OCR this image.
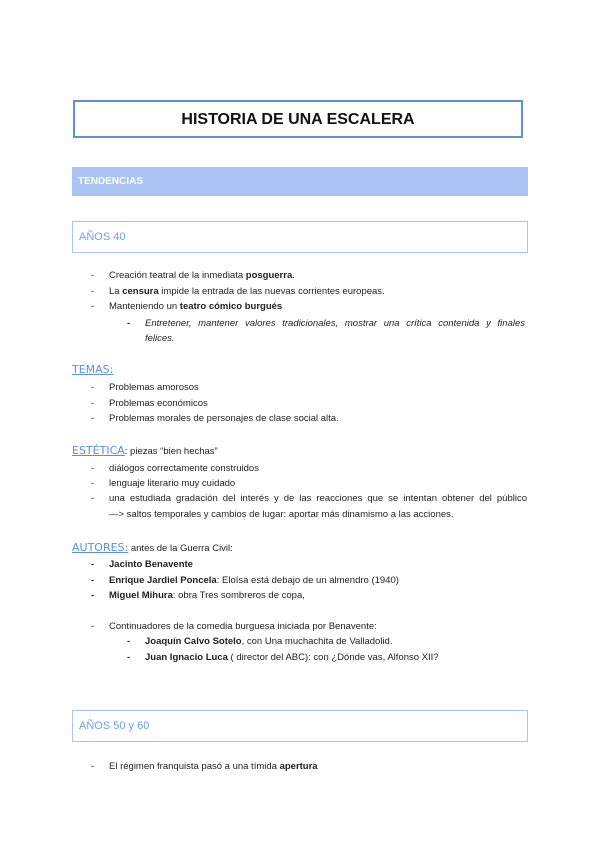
HISTORIA DE UNA ESCALERA
TENDENCIAS
AÑOS 40
- Creación teatral de la inmediata posguerra.
- La censura impide la entrada de las nuevas corrientes europeas.
- Manteniendo un teatro cómico burgués
- Entretener, mantener valores tradicionales, mostrar una crítica contenida y finales
felices.
TEMAS:
- Problemas amorosos
- Problemas económicos
- Problemas morales de personajes de clase social alta.
ESTÉTICA: piezas “bien hechas”
- diálogos correctamente construidos
- lenguaje literario muy cuidado
- una estudiada gradación del interés y de las reacciones que se intentan obtener del público
—> saltos temporales y cambios de lugar: aportar más dinamismo a las acciones.
AUTORES: antes de la Guerra Civil:
- Jacinto Benavente
- Enrique Jardiel Poncela: Eloísa está debajo de un almendro (1940)
- Miguel Mihura: obra Tres sombreros de copa,
- Continuadores de la comedia burguesa iniciada por Benavente:
- Joaquín Calvo Sotelo, con Una muchachita de Valladolid.
- Juan Ignacio Luca ( director del ABC): con ¿Dónde vas, Alfonso XII?
AÑOS 50 y 60
- El régimen franquista pasó a una tímida apertura
